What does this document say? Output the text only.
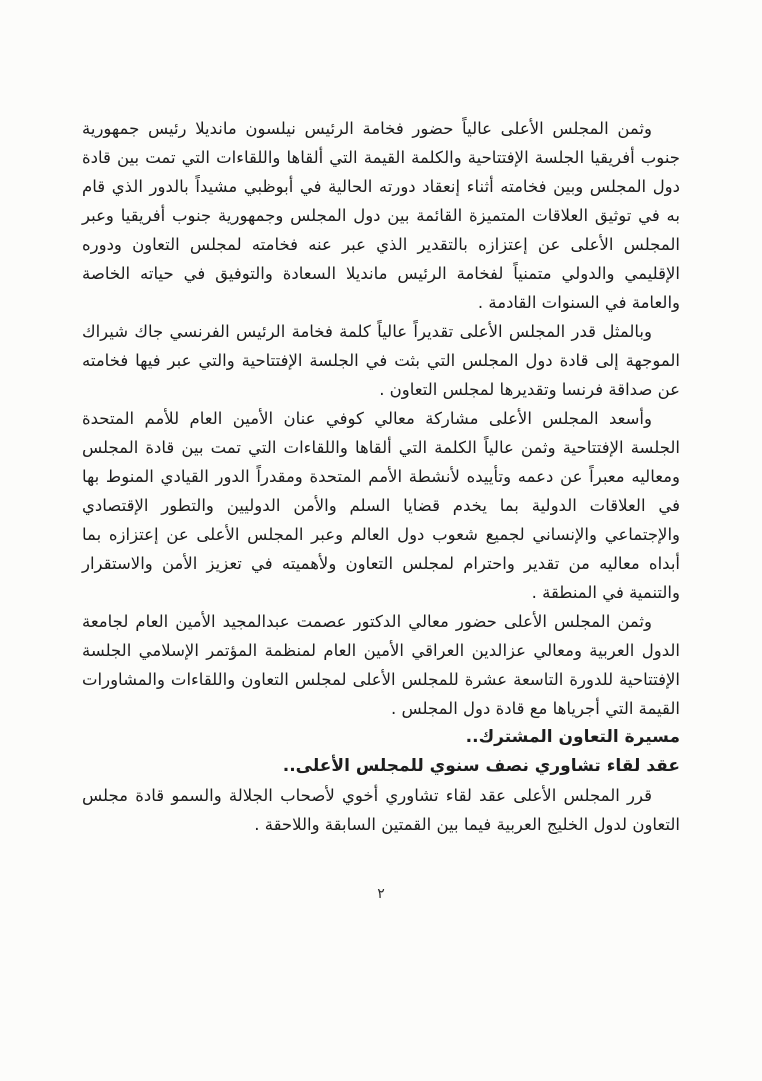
وثمن المجلس الأعلى عالياً حضور فخامة الرئيس نيلسون مانديلا رئيس جمهورية جنوب أفريقيا الجلسة الإفتتاحية والكلمة القيمة التي ألقاها واللقاءات التي تمت بين قادة دول المجلس وبين فخامته أثناء إنعقاد دورته الحالية في أبوظبي مشيداً بالدور الذي قام به في توثيق العلاقات المتميزة القائمة بين دول المجلس وجمهورية جنوب أفريقيا وعبر المجلس الأعلى عن إعتزازه بالتقدير الذي عبر عنه فخامته لمجلس التعاون ودوره الإقليمي والدولي متمنياً لفخامة الرئيس مانديلا السعادة والتوفيق في حياته الخاصة والعامة في السنوات القادمة .

وبالمثل قدر المجلس الأعلى تقديراً عالياً كلمة فخامة الرئيس الفرنسي جاك شيراك الموجهة إلى قادة دول المجلس التي بثت في الجلسة الإفتتاحية والتي عبر فيها فخامته عن صداقة فرنسا وتقديرها لمجلس التعاون .

وأسعد المجلس الأعلى مشاركة معالي كوفي عنان الأمين العام للأمم المتحدة الجلسة الإفتتاحية وثمن عالياً الكلمة التي ألقاها واللقاءات التي تمت بين قادة المجلس ومعاليه معبراً عن دعمه وتأييده لأنشطة الأمم المتحدة ومقدراً الدور القيادي المنوط بها في العلاقات الدولية بما يخدم قضايا السلم والأمن الدوليين والتطور الإقتصادي والإجتماعي والإنساني لجميع شعوب دول العالم وعبر المجلس الأعلى عن إعتزازه بما أبداه معاليه من تقدير واحترام لمجلس التعاون ولأهميته في تعزيز الأمن والاستقرار والتنمية في المنطقة .

وثمن المجلس الأعلى حضور معالي الدكتور عصمت عبدالمجيد الأمين العام لجامعة الدول العربية ومعالي عزالدين العراقي الأمين العام لمنظمة المؤتمر الإسلامي الجلسة الإفتتاحية للدورة التاسعة عشرة للمجلس الأعلى لمجلس التعاون واللقاءات والمشاورات القيمة التي أجرياها مع قادة دول المجلس .

مسيرة التعاون المشترك..
عقد لقاء تشاوري نصف سنوي للمجلس الأعلى..

قرر المجلس الأعلى عقد لقاء تشاوري أخوي لأصحاب الجلالة والسمو قادة مجلس التعاون لدول الخليج العربية فيما بين القمتين السابقة واللاحقة .

٢
